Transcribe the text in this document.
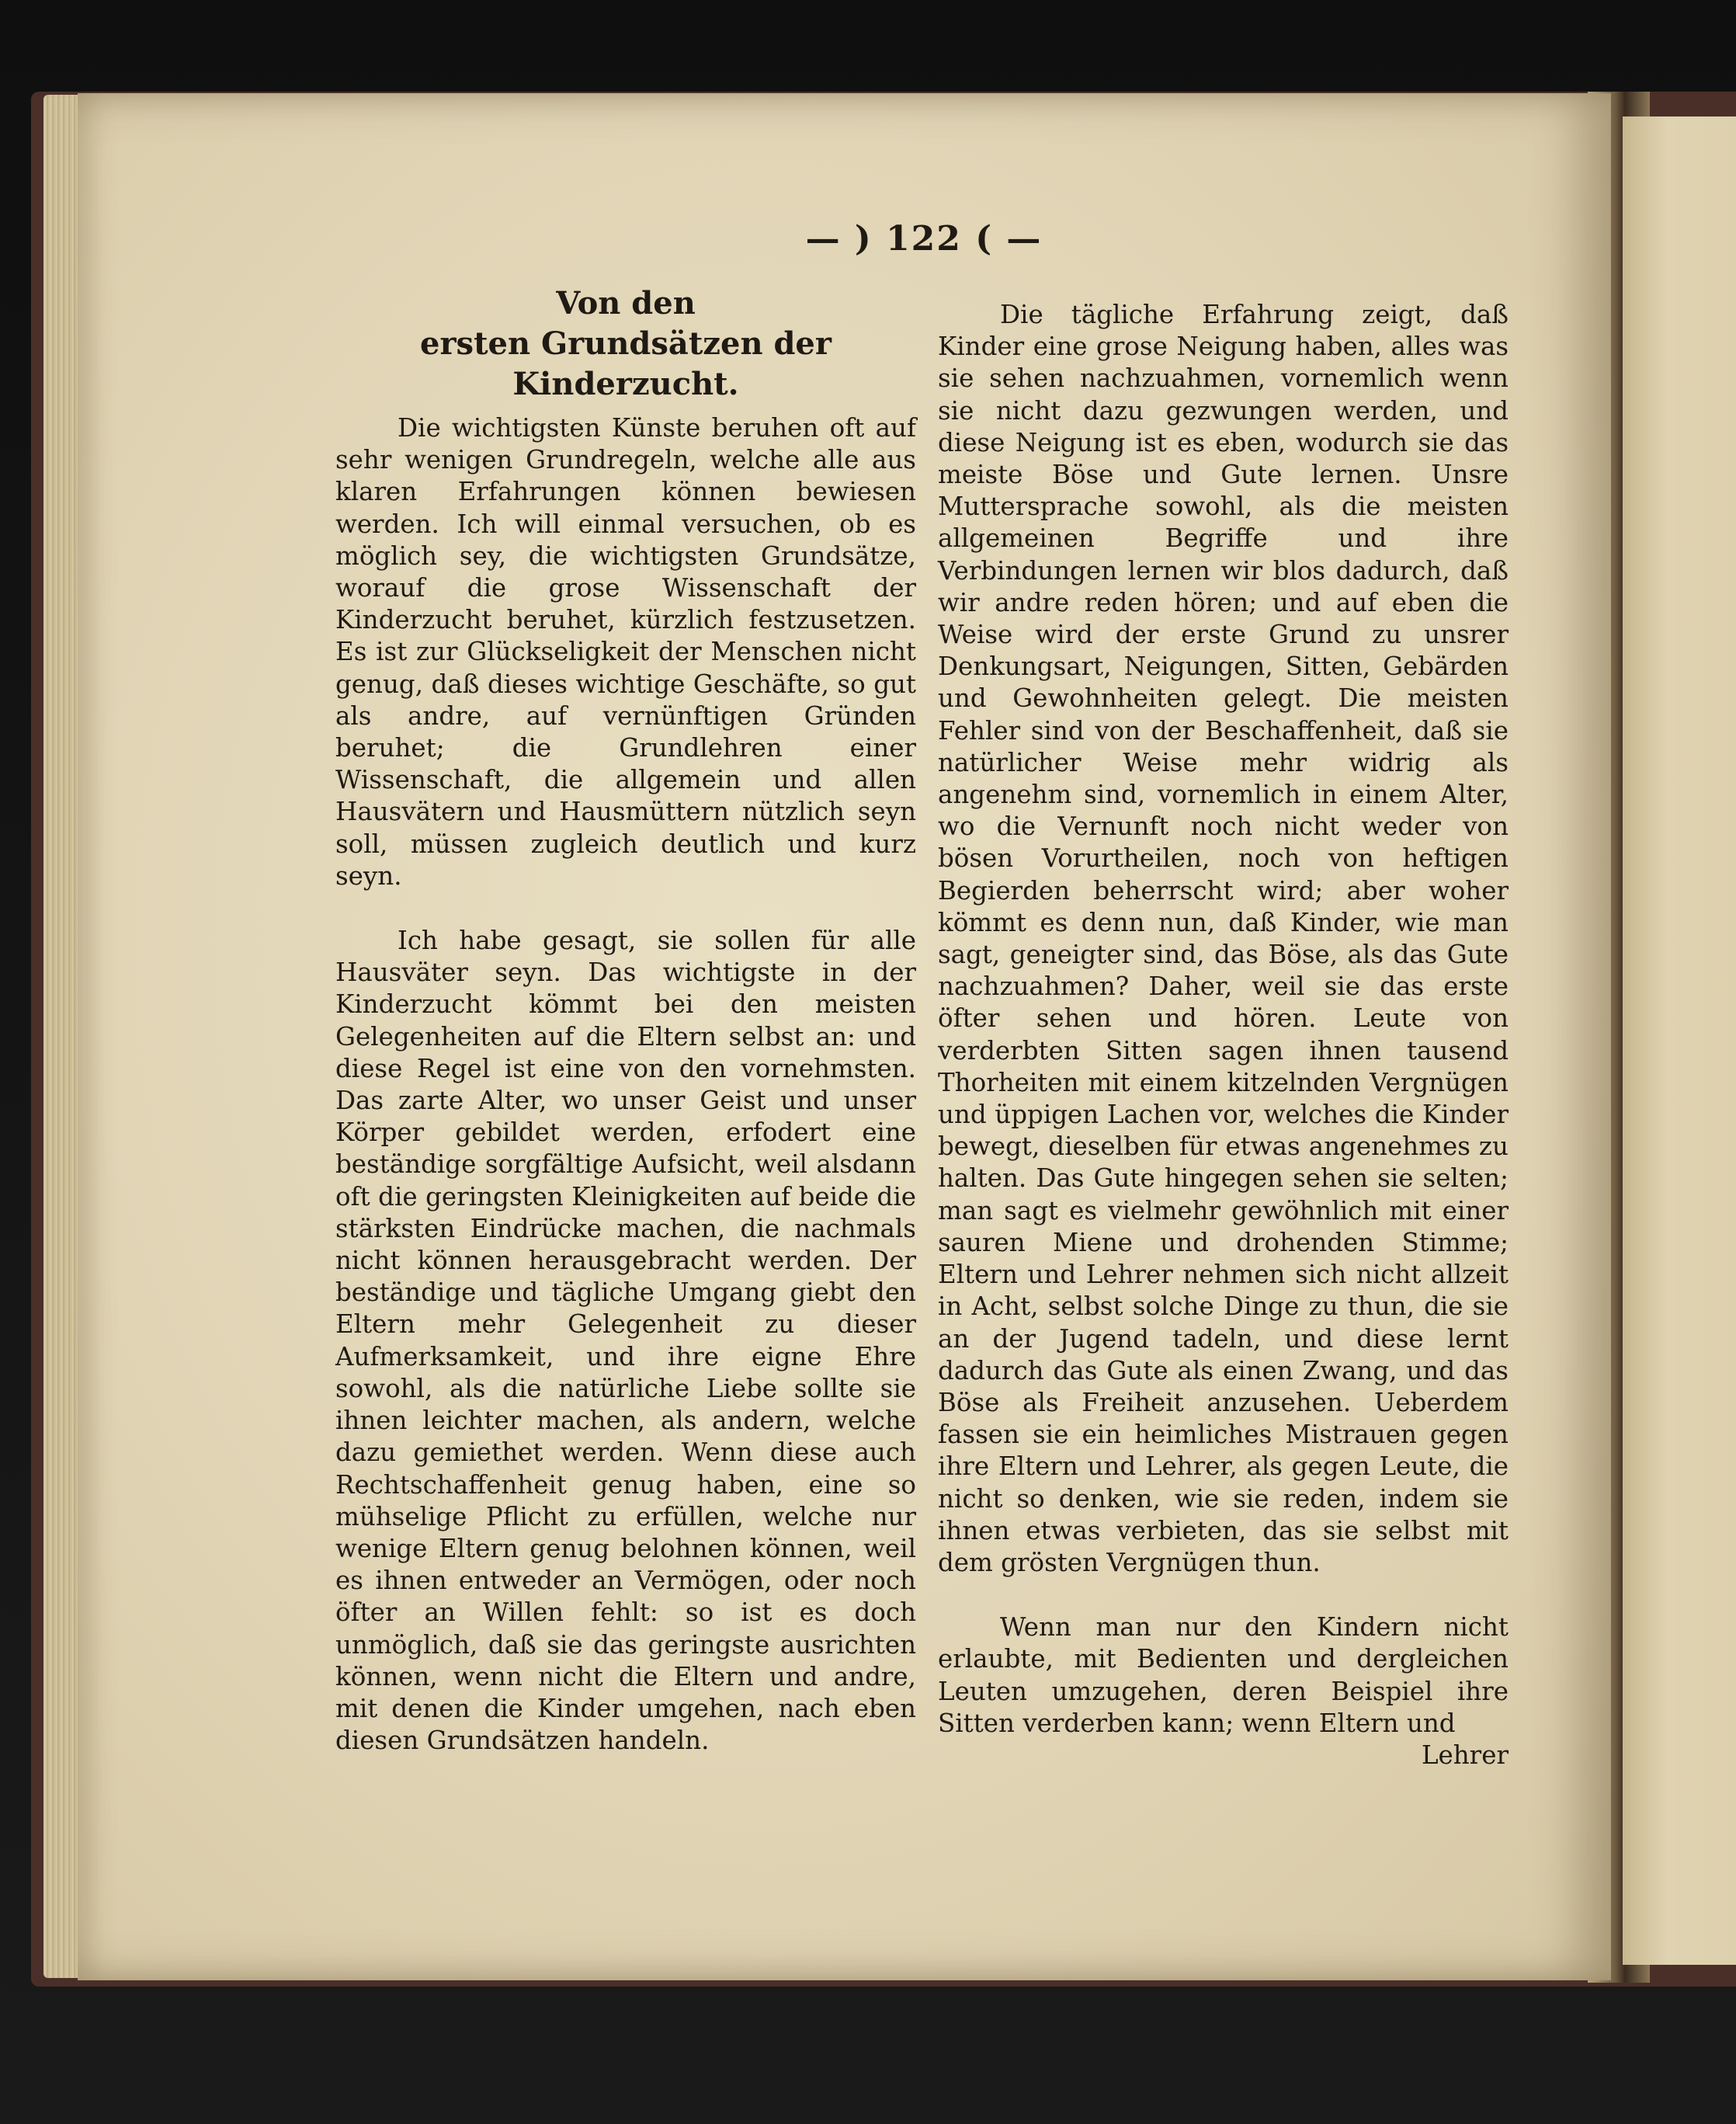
— ) 122 ( —
Von den
ersten Grundsätzen der Kinderzucht.

Die wichtigsten Künste beruhen oft auf sehr wenigen Grundregeln, welche alle aus klaren Erfahrungen können bewiesen werden. Ich will einmal versuchen, ob es möglich sey, die wichtigsten Grundsätze, worauf die grose Wissenschaft der Kinderzucht beruhet, kürzlich festzusetzen. Es ist zur Glückseligkeit der Menschen nicht genug, daß dieses wichtige Geschäfte, so gut als andre, auf vernünftigen Gründen beruhet; die Grundlehren einer Wissenschaft, die allgemein und allen Hausvätern und Hausmüttern nützlich seyn soll, müssen zugleich deutlich und kurz seyn.

Ich habe gesagt, sie sollen für alle Hausväter seyn. Das wichtigste in der Kinderzucht kömmt bei den meisten Gelegenheiten auf die Eltern selbst an: und diese Regel ist eine von den vornehmsten. Das zarte Alter, wo unser Geist und unser Körper gebildet werden, erfodert eine beständige sorgfältige Aufsicht, weil alsdann oft die geringsten Kleinigkeiten auf beide die stärksten Eindrücke machen, die nachmals nicht können herausgebracht werden. Der beständige und tägliche Umgang giebt den Eltern mehr Gelegenheit zu dieser Aufmerksamkeit, und ihre eigne Ehre sowohl, als die natürliche Liebe sollte sie ihnen leichter machen, als andern, welche dazu gemiethet werden. Wenn diese auch Rechtschaffenheit genug haben, eine so mühselige Pflicht zu erfüllen, welche nur wenige Eltern genug belohnen können, weil es ihnen entweder an Vermögen, oder noch öfter an Willen fehlt: so ist es doch unmöglich, daß sie das geringste ausrichten können, wenn nicht die Eltern und andre, mit denen die Kinder umgehen, nach eben diesen Grundsätzen handeln.

Die tägliche Erfahrung zeigt, daß Kinder eine grose Neigung haben, alles was sie sehen nachzuahmen, vornemlich wenn sie nicht dazu gezwungen werden, und diese Neigung ist es eben, wodurch sie das meiste Böse und Gute lernen. Unsre Muttersprache sowohl, als die meisten allgemeinen Begriffe und ihre Verbindungen lernen wir blos dadurch, daß wir andre reden hören; und auf eben die Weise wird der erste Grund zu unsrer Denkungsart, Neigungen, Sitten, Gebärden und Gewohnheiten gelegt. Die meisten Fehler sind von der Beschaffenheit, daß sie natürlicher Weise mehr widrig als angenehm sind, vornemlich in einem Alter, wo die Vernunft noch nicht weder von bösen Vorurtheilen, noch von heftigen Begierden beherrscht wird; aber woher kömmt es denn nun, daß Kinder, wie man sagt, geneigter sind, das Böse, als das Gute nachzuahmen? Daher, weil sie das erste öfter sehen und hören. Leute von verderbten Sitten sagen ihnen tausend Thorheiten mit einem kitzelnden Vergnügen und üppigen Lachen vor, welches die Kinder bewegt, dieselben für etwas angenehmes zu halten. Das Gute hingegen sehen sie selten; man sagt es vielmehr gewöhnlich mit einer sauren Miene und drohenden Stimme; Eltern und Lehrer nehmen sich nicht allzeit in Acht, selbst solche Dinge zu thun, die sie an der Jugend tadeln, und diese lernt dadurch das Gute als einen Zwang, und das Böse als Freiheit anzusehen. Ueberdem fassen sie ein heimliches Mistrauen gegen ihre Eltern und Lehrer, als gegen Leute, die nicht so denken, wie sie reden, indem sie ihnen etwas verbieten, das sie selbst mit dem grösten Vergnügen thun.

Wenn man nur den Kindern nicht erlaubte, mit Bedienten und dergleichen Leuten umzugehen, deren Beispiel ihre Sitten verderben kann; wenn Eltern und

Lehrer
